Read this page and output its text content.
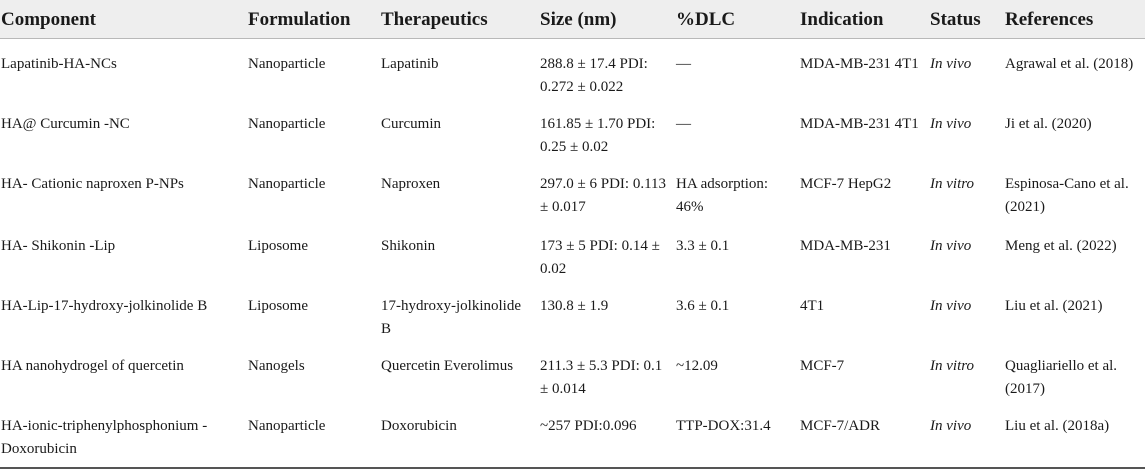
Component	Formulation	Therapeutics	Size (nm)	%DLC	Indication	Status	References
Lapatinib-HA-NCs	Nanoparticle	Lapatinib	288.8 ± 17.4 PDI: 0.272 ± 0.022	—	MDA-MB-231 4T1	In vivo	Agrawal et al. (2018)
HA@ Curcumin -NC	Nanoparticle	Curcumin	161.85 ± 1.70 PDI: 0.25 ± 0.02	—	MDA-MB-231 4T1	In vivo	Ji et al. (2020)
HA- Cationic naproxen P-NPs	Nanoparticle	Naproxen	297.0 ± 6 PDI: 0.113 ± 0.017	HA adsorption: 46%	MCF-7 HepG2	In vitro	Espinosa-Cano et al. (2021)
HA- Shikonin -Lip	Liposome	Shikonin	173 ± 5 PDI: 0.14 ± 0.02	3.3 ± 0.1	MDA-MB-231	In vivo	Meng et al. (2022)
HA-Lip-17-hydroxy-jolkinolide B	Liposome	17-hydroxy-jolkinolide B	130.8 ± 1.9	3.6 ± 0.1	4T1	In vivo	Liu et al. (2021)
HA nanohydrogel of quercetin	Nanogels	Quercetin Everolimus	211.3 ± 5.3 PDI: 0.1 ± 0.014	~12.09	MCF-7	In vitro	Quagliariello et al. (2017)
HA-ionic-triphenylphosphonium - Doxorubicin	Nanoparticle	Doxorubicin	~257 PDI:0.096	TTP-DOX:31.4	MCF-7/ADR	In vivo	Liu et al. (2018a)
